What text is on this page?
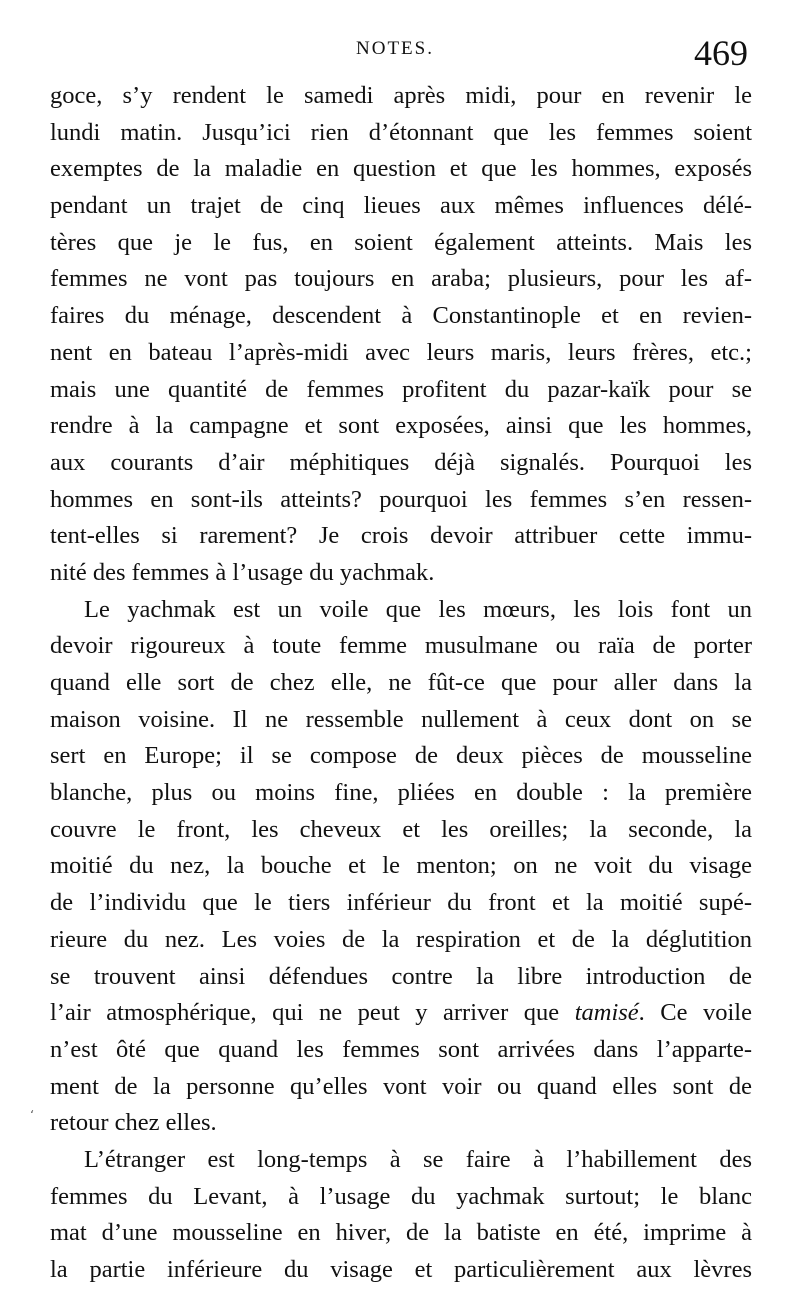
NOTES.	469
goce, s’y rendent le samedi après midi, pour en revenir le
lundi matin. Jusqu’ici rien d’étonnant que les femmes soient
exemptes de la maladie en question et que les hommes, exposés
pendant un trajet de cinq lieues aux mêmes influences délé-
tères que je le fus, en soient également atteints. Mais les
femmes ne vont pas toujours en araba; plusieurs, pour les af-
faires du ménage, descendent à Constantinople et en revien-
nent en bateau l’après-midi avec leurs maris, leurs frères, etc.;
mais une quantité de femmes profitent du pazar-kaïk pour se
rendre à la campagne et sont exposées, ainsi que les hommes,
aux courants d’air méphitiques déjà signalés. Pourquoi les
hommes en sont-ils atteints? pourquoi les femmes s’en ressen-
tent-elles si rarement? Je crois devoir attribuer cette immu-
nité des femmes à l’usage du yachmak.
Le yachmak est un voile que les mœurs, les lois font un
devoir rigoureux à toute femme musulmane ou raïa de porter
quand elle sort de chez elle, ne fût-ce que pour aller dans la
maison voisine. Il ne ressemble nullement à ceux dont on se
sert en Europe; il se compose de deux pièces de mousseline
blanche, plus ou moins fine, pliées en double : la première
couvre le front, les cheveux et les oreilles; la seconde, la
moitié du nez, la bouche et le menton; on ne voit du visage
de l’individu que le tiers inférieur du front et la moitié supé-
rieure du nez. Les voies de la respiration et de la déglutition
se trouvent ainsi défendues contre la libre introduction de
l’air atmosphérique, qui ne peut y arriver que tamisé. Ce voile
n’est ôté que quand les femmes sont arrivées dans l’apparte-
ment de la personne qu’elles vont voir ou quand elles sont de
retour chez elles.
L’étranger est long-temps à se faire à l’habillement des
femmes du Levant, à l’usage du yachmak surtout; le blanc
mat d’une mousseline en hiver, de la batiste en été, imprime à
la partie inférieure du visage et particulièrement aux lèvres
‘
